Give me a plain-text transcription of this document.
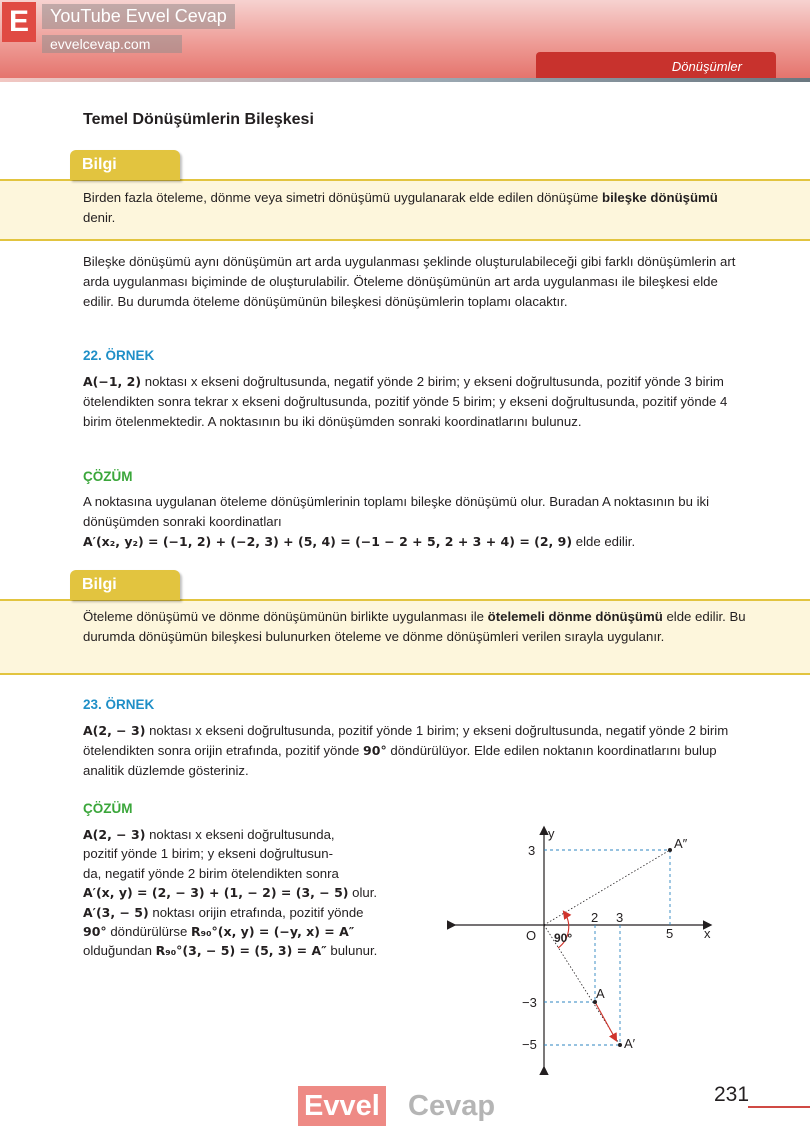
E	YouTube Evvel Cevap
evvelcevap.com
Dönüşümler
Temel Dönüşümlerin Bileşkesi
Bilgi
Birden fazla öteleme, dönme veya simetri dönüşümü uygulanarak elde edilen dönüşüme bileşke dönüşümü denir.
Bileşke dönüşümü aynı dönüşümün art arda uygulanması şeklinde oluşturulabileceği gibi farklı dönüşümlerin art arda uygulanması biçiminde de oluşturulabilir. Öteleme dönüşümünün art arda uygulanması ile bileşkesi elde edilir. Bu durumda öteleme dönüşümünün bileşkesi dönüşümlerin toplamı olacaktır.
22. ÖRNEK
A(−1, 2) noktası x ekseni doğrultusunda, negatif yönde 2 birim; y ekseni doğrultusunda, pozitif yönde 3 birim ötelendikten sonra tekrar x ekseni doğrultusunda, pozitif yönde 5 birim; y ekseni doğrultusunda, pozitif yönde 4 birim ötelenmektedir. A noktasının bu iki dönüşümden sonraki koordinatlarını bulunuz.
ÇÖZÜM
A noktasına uygulanan öteleme dönüşümlerinin toplamı bileşke dönüşümü olur. Buradan A noktasının bu iki dönüşümden sonraki koordinatları
A′(x₂, y₂) = (−1, 2) + (−2, 3) + (5, 4) = (−1 − 2 + 5, 2 + 3 + 4) = (2, 9) elde edilir.
Bilgi
Öteleme dönüşümü ve dönme dönüşümünün birlikte uygulanması ile ötelemeli dönme dönüşümü elde edilir. Bu durumda dönüşümün bileşkesi bulunurken öteleme ve dönme dönüşümleri verilen sırayla uygulanır.
23. ÖRNEK
A(2, − 3) noktası x ekseni doğrultusunda, pozitif yönde 1 birim; y ekseni doğrultusunda, negatif yönde 2 birim ötelendikten sonra orijin etrafında, pozitif yönde 90° döndürülüyor. Elde edilen noktanın koordinatlarını bulup analitik düzlemde gösteriniz.
ÇÖZÜM
A(2, − 3) noktası x ekseni doğrultusunda,
pozitif yönde 1 birim; y ekseni doğrultusun-
da, negatif yönde 2 birim ötelendikten sonra
A′(x, y) = (2, − 3) + (1, − 2) = (3, − 5) olur.
A′(3, − 5) noktası orijin etrafında, pozitif yönde
90° döndürülürse R₉₀°(x, y) = (−y, x) = A″
olduğundan R₉₀°(3, − 5) = (5, 3) = A″ bulunur.
y
x
O 90°
2 3
5
3
−3
−5
A
A′
A″
Evvel Cevap	231
